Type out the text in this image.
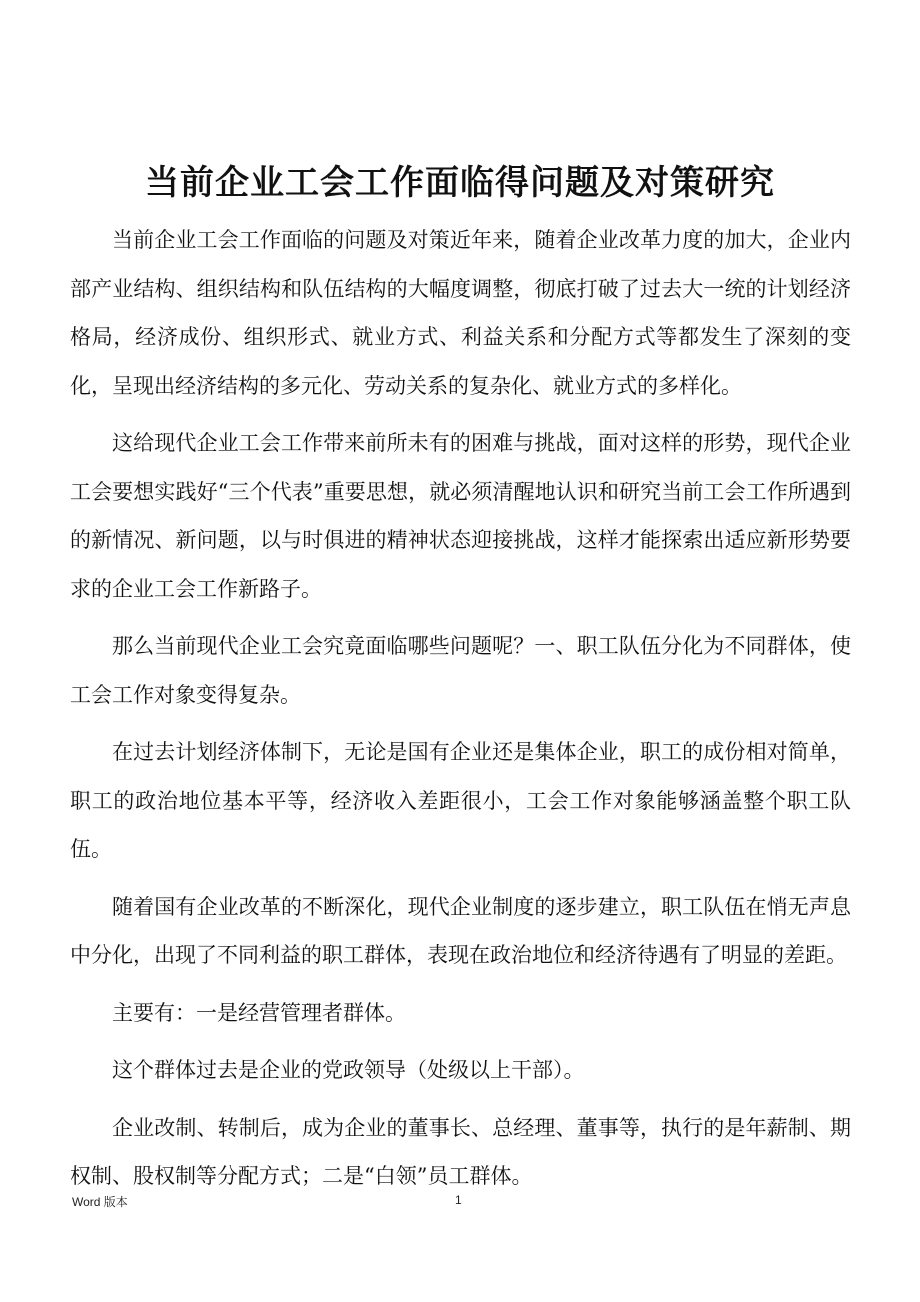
当前企业工会工作面临得问题及对策研究

当前企业工会工作面临的问题及对策近年来，随着企业改革力度的加大，企业内部产业结构、组织结构和队伍结构的大幅度调整，彻底打破了过去大一统的计划经济格局，经济成份、组织形式、就业方式、利益关系和分配方式等都发生了深刻的变化，呈现出经济结构的多元化、劳动关系的复杂化、就业方式的多样化。

这给现代企业工会工作带来前所未有的困难与挑战，面对这样的形势，现代企业工会要想实践好“三个代表”重要思想，就必须清醒地认识和研究当前工会工作所遇到的新情况、新问题，以与时俱进的精神状态迎接挑战，这样才能探索出适应新形势要求的企业工会工作新路子。

那么当前现代企业工会究竟面临哪些问题呢？一、职工队伍分化为不同群体，使工会工作对象变得复杂。

在过去计划经济体制下，无论是国有企业还是集体企业，职工的成份相对简单，职工的政治地位基本平等，经济收入差距很小，工会工作对象能够涵盖整个职工队伍。

随着国有企业改革的不断深化，现代企业制度的逐步建立，职工队伍在悄无声息中分化，出现了不同利益的职工群体，表现在政治地位和经济待遇有了明显的差距。

主要有：一是经营管理者群体。

这个群体过去是企业的党政领导（处级以上干部）。

企业改制、转制后，成为企业的董事长、总经理、董事等，执行的是年薪制、期权制、股权制等分配方式；二是“白领”员工群体。

Word 版本	1
